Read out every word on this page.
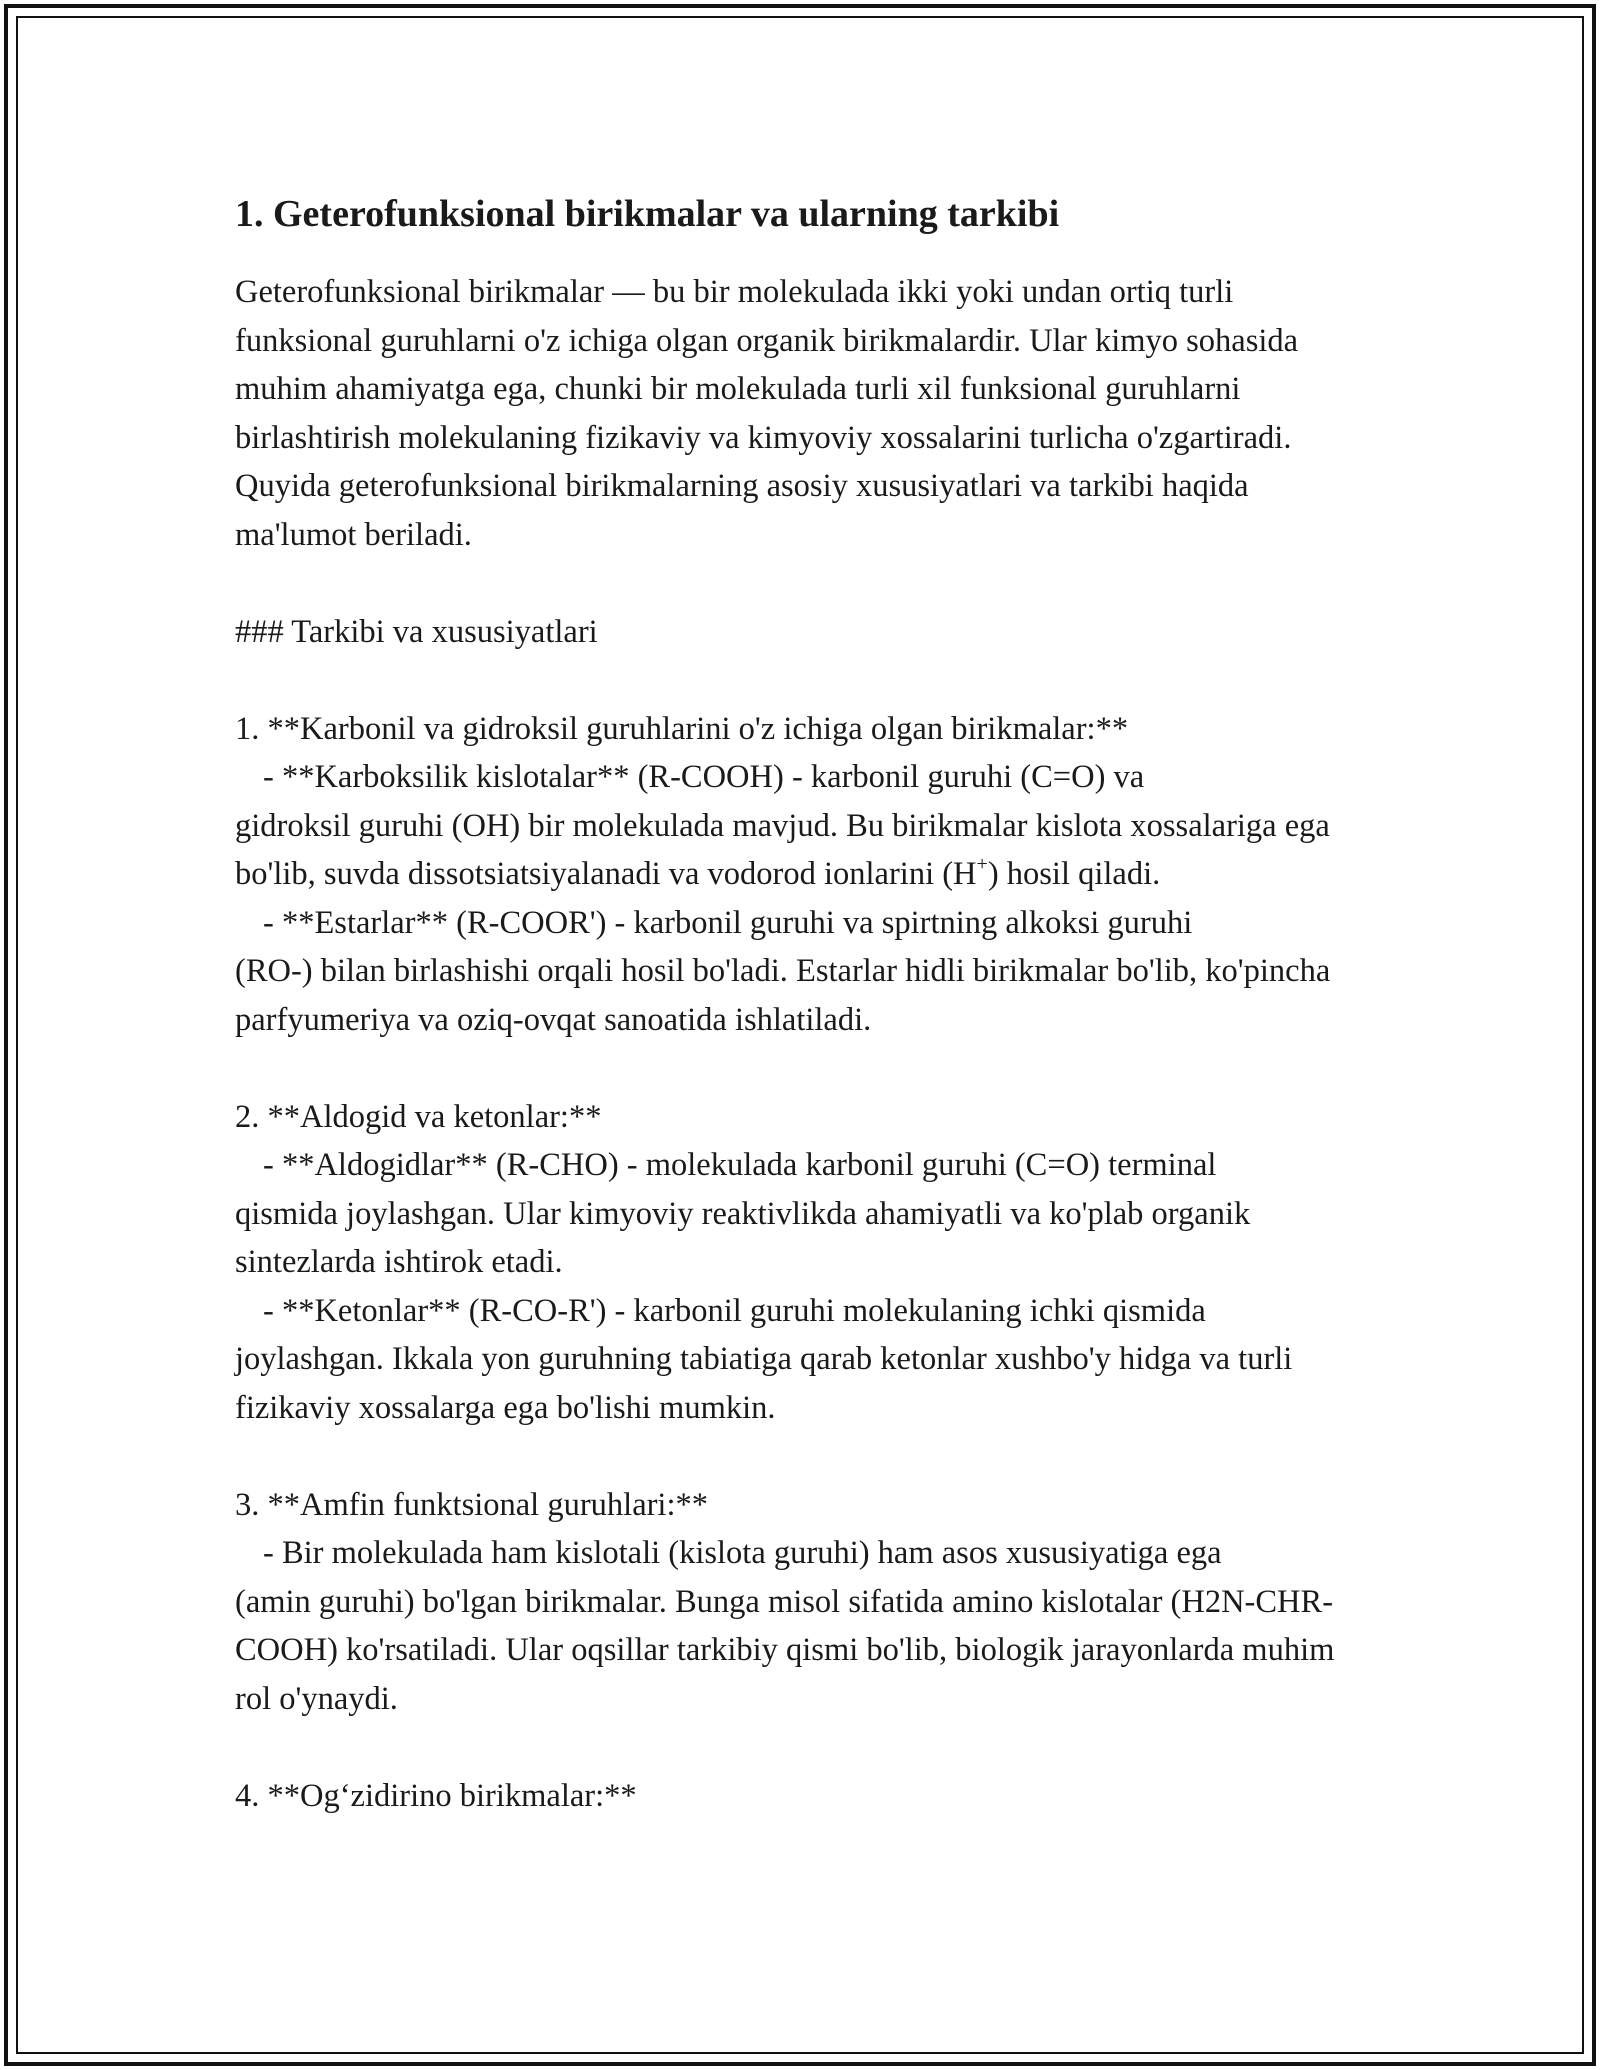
1. Geterofunksional birikmalar va ularning tarkibi

Geterofunksional birikmalar — bu bir molekulada ikki yoki undan ortiq turli funksional guruhlarni o'z ichiga olgan organik birikmalardir. Ular kimyo sohasida muhim ahamiyatga ega, chunki bir molekulada turli xil funksional guruhlarni birlashtirish molekulaning fizikaviy va kimyoviy xossalarini turlicha o'zgartiradi. Quyida geterofunksional birikmalarning asosiy xususiyatlari va tarkibi haqida ma'lumot beriladi.

### Tarkibi va xususiyatlari

1. **Karbonil va gidroksil guruhlarini o'z ichiga olgan birikmalar:**

- **Karboksilik kislotalar** (R-COOH) - karbonil guruhi (C=O) va
gidroksil guruhi (OH) bir molekulada mavjud. Bu birikmalar kislota xossalariga ega bo'lib, suvda dissotsiatsiyalanadi va vodorod ionlarini (H+) hosil qiladi.

- **Estarlar** (R-COOR') - karbonil guruhi va spirtning alkoksi guruhi
(RO-) bilan birlashishi orqali hosil bo'ladi. Estarlar hidli birikmalar bo'lib, ko'pincha parfyumeriya va oziq-ovqat sanoatida ishlatiladi.

2. **Aldogid va ketonlar:**

- **Aldogidlar** (R-CHO) - molekulada karbonil guruhi (C=O) terminal
qismida joylashgan. Ular kimyoviy reaktivlikda ahamiyatli va ko'plab organik sintezlarda ishtirok etadi.

- **Ketonlar** (R-CO-R') - karbonil guruhi molekulaning ichki qismida
joylashgan. Ikkala yon guruhning tabiatiga qarab ketonlar xushbo'y hidga va turli fizikaviy xossalarga ega bo'lishi mumkin.

3. **Amfin funktsional guruhlari:**

- Bir molekulada ham kislotali (kislota guruhi) ham asos xususiyatiga ega
(amin guruhi) bo'lgan birikmalar. Bunga misol sifatida amino kislotalar (H2N-CHR-COOH) ko'rsatiladi. Ular oqsillar tarkibiy qismi bo'lib, biologik jarayonlarda muhim rol o'ynaydi.

4. **Og‘zidirino birikmalar:**
